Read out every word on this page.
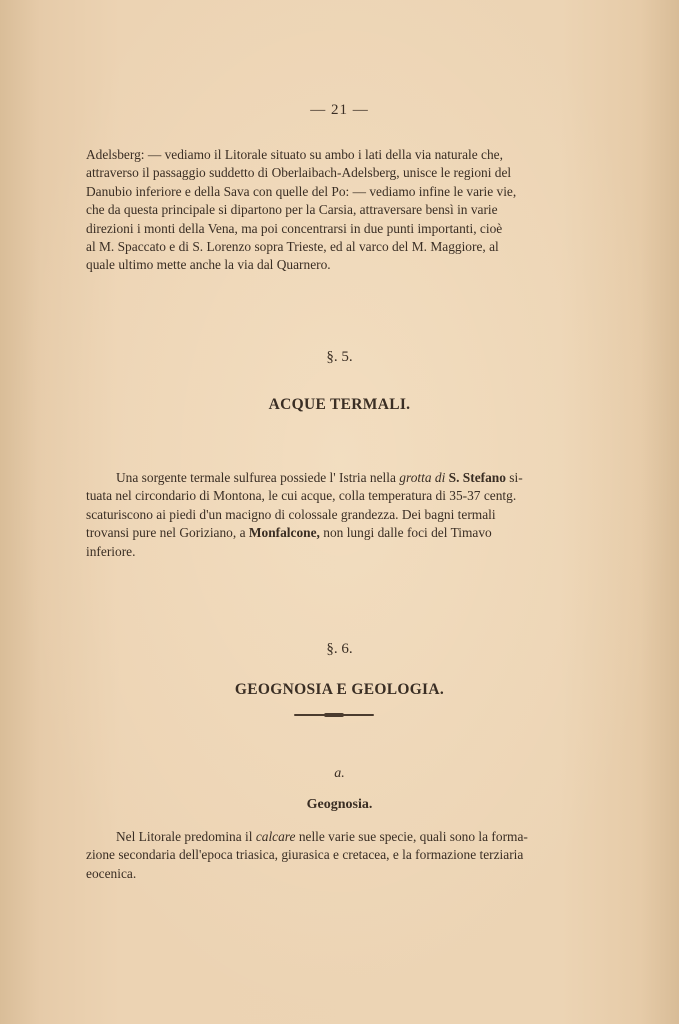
— 21 —

Adelsberg: — vediamo il Litorale situato su ambo i lati della via naturale che,
attraverso il passaggio suddetto di Oberlaibach-Adelsberg, unisce le regioni del
Danubio inferiore e della Sava con quelle del Po: — vediamo infine le varie vie,
che da questa principale si dipartono per la Carsia, attraversare bensì in varie
direzioni i monti della Vena, ma poi concentrarsi in due punti importanti, cioè
al M. Spaccato e di S. Lorenzo sopra Trieste, ed al varco del M. Maggiore, al
quale ultimo mette anche la via dal Quarnero.

§. 5.
ACQUE TERMALI.

Una sorgente termale sulfurea possiede l' Istria nella grotta di S. Stefano si-
tuata nel circondario di Montona, le cui acque, colla temperatura di 35-37 centg.
scaturiscono ai piedi d'un macigno di colossale grandezza. Dei bagni termali
trovansi pure nel Goriziano, a Monfalcone, non lungi dalle foci del Timavo
inferiore.

§. 6.
GEOGNOSIA E GEOLOGIA.
a.
Geognosia.

Nel Litorale predomina il calcare nelle varie sue specie, quali sono la forma-
zione secondaria dell'epoca triasica, giurasica e cretacea, e la formazione terziaria
eocenica.
